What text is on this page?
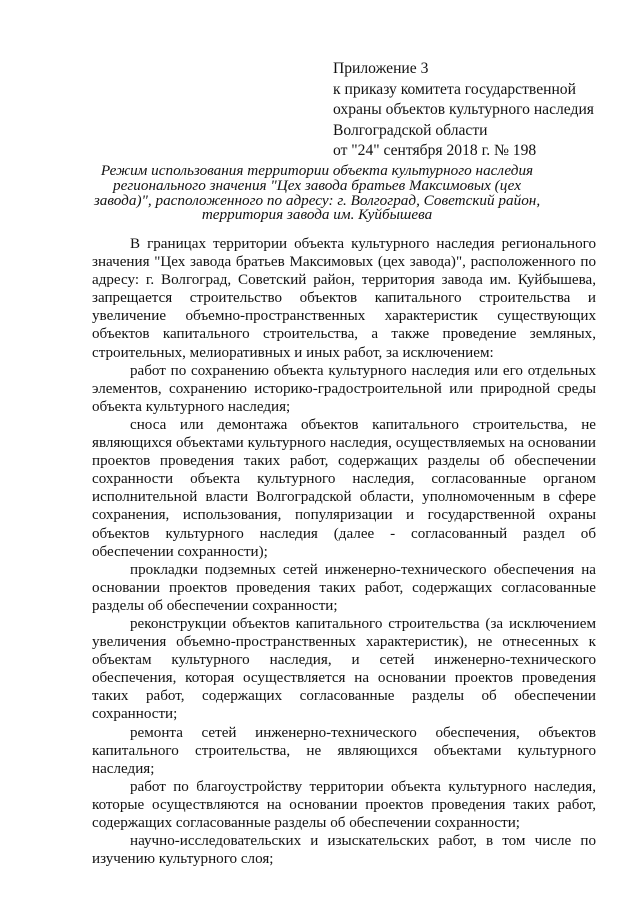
Приложение 3
к приказу комитета государственной
охраны объектов культурного наследия
Волгоградской области
от "24" сентября 2018 г. № 198
Режим использования территории объекта культурного наследия регионального значения "Цех завода братьев Максимовых (цех завода)", расположенного по адресу: г. Волгоград, Советский район, территория завода им. Куйбышева

В границах территории объекта культурного наследия регионального значения "Цех завода братьев Максимовых (цех завода)", расположенного по адресу: г. Волгоград, Советский район, территория завода им. Куйбышева, запрещается строительство объектов капитального строительства и увеличение объемно-пространственных характеристик существующих объектов капитального строительства, а также проведение земляных, строительных, мелиоративных и иных работ, за исключением:

работ по сохранению объекта культурного наследия или его отдельных элементов, сохранению историко-градостроительной или природной среды объекта культурного наследия;

сноса или демонтажа объектов капитального строительства, не являющихся объектами культурного наследия, осуществляемых на основании проектов проведения таких работ, содержащих разделы об обеспечении сохранности объекта культурного наследия, согласованные органом исполнительной власти Волгоградской области, уполномоченным в сфере сохранения, использования, популяризации и государственной охраны объектов культурного наследия (далее - согласованный раздел об обеспечении сохранности);

прокладки подземных сетей инженерно-технического обеспечения на основании проектов проведения таких работ, содержащих согласованные разделы об обеспечении сохранности;

реконструкции объектов капитального строительства (за исключением увеличения объемно-пространственных характеристик), не отнесенных к объектам культурного наследия, и сетей инженерно-технического обеспечения, которая осуществляется на основании проектов проведения таких работ, содержащих согласованные разделы об обеспечении сохранности;

ремонта сетей инженерно-технического обеспечения, объектов капитального строительства, не являющихся объектами культурного наследия;

работ по благоустройству территории объекта культурного наследия, которые осуществляются на основании проектов проведения таких работ, содержащих согласованные разделы об обеспечении сохранности;

научно-исследовательских и изыскательских работ, в том числе по изучению культурного слоя;
